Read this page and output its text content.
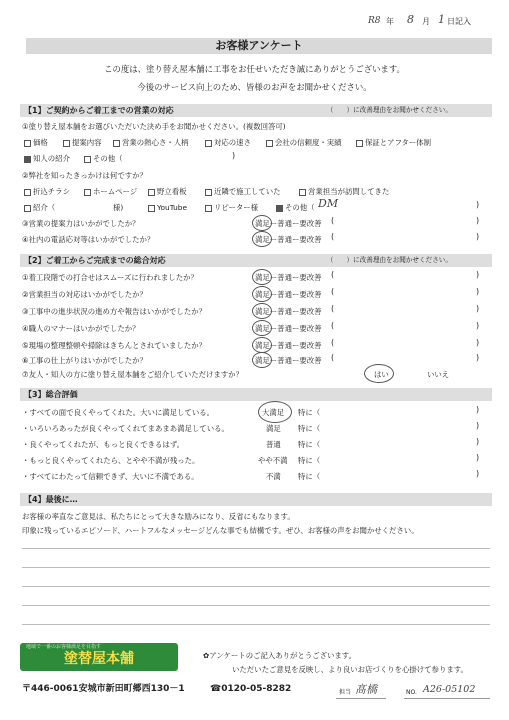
R8 年 8 月 1 日記入
お客様アンケート
この度は、塗り替え屋本舗に工事をお任せいただき誠にありがとうございます。
今後のサービス向上のため、皆様のお声をお聞かせください。
【1】ご契約からご着工までの営業の対応	（　　）に改善理由をお聞かせください。
①塗り替え屋本舗をお選びいただいた決め手をお聞かせください。(複数回答可)
価格	提案内容	営業の熱心さ・人柄	対応の速さ	会社の信頼度・実績	保証とアフター体制
知人の紹介	その他（	)
②弊社を知ったきっかけは何ですか？
折込チラシ	ホームページ	野立看板	近隣で施工していた	営業担当が訪問してきた
紹介（	様)	YouTube	リピーター様	その他（ DM	)
③営業の提案力はいかがでしたか？	満足ー普通ー要改善 (	)
④社内の電話応対等はいかがでしたか？	満足ー普通ー要改善 (	)
【2】ご着工からご完成までの総合対応	（　　）に改善理由をお聞かせください。
①着工段階での打合せはスムーズに行われましたか？	満足ー普通ー要改善 (	)
②営業担当の対応はいかがでしたか？	満足ー普通ー要改善 (	)
③工事中の進歩状況の進め方や報告はいかがでしたか？	満足ー普通ー要改善 (	)
④職人のマナーはいかがでしたか？	満足ー普通ー要改善 (	)
⑤現場の整理整頓や掃除はきちんとされていましたか？	満足ー普通ー要改善 (	)
⑥工事の仕上がりはいかがでしたか？	満足ー普通ー要改善 (	)
⑦友人・知人の方に塗り替え屋本舗をご紹介していただけますか？	はい	いいえ
【3】総合評価
・すべての面で良くやってくれた。大いに満足している。	大満足 特に（	)
・いろいろあったが良くやってくれてまあまあ満足している。	満足 特に（	)
・良くやってくれたが、もっと良くできるはず。	普通 特に（	)
・もっと良くやってくれたら、とやや不満が残った。	やや不満 特に（	)
・すべてにわたって信頼できず、大いに不満である。	不満 特に（	)
【4】最後に…
お客様の率直なご意見は、私たちにとって大きな励みになり、反省にもなります。
印象に残っているエピソード、ハートフルなメッセージどんな事でも結構です。ぜひ、お客様の声をお聞かせください。
地域で一番のお客様満足を目指す
塗替屋本舗	✿アンケートのご記入ありがとうございます。
いただいたご意見を反映し、より良いお店づくりを心掛けて参ります。
〒446-0061安城市新田町郷西130－1	☎0120-05-8282	担当 髙橋	NO. A26-05102
